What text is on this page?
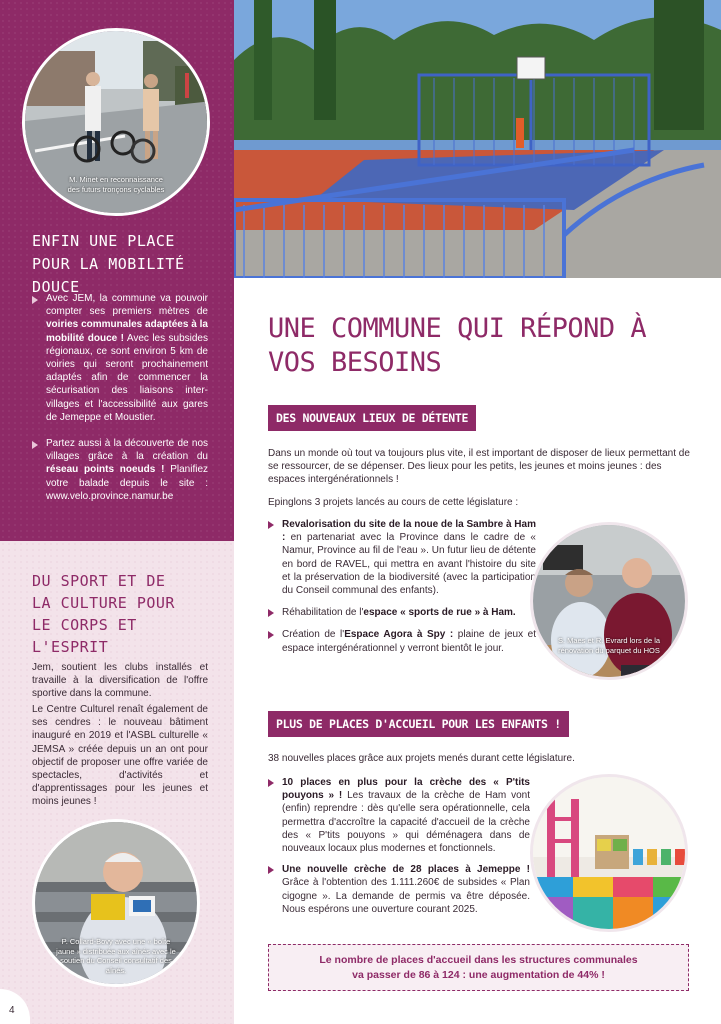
M. Minet en reconnaissance des futurs tronçons cyclables
ENFIN UNE PLACE POUR LA MOBILITÉ DOUCE
Avec JEM, la commune va pouvoir compter ses premiers mètres de voiries communales adaptées à la mobilité douce ! Avec les subsides régionaux, ce sont environ 5 km de voiries qui seront prochainement adaptés afin de commencer la sécurisation des liaisons inter-villages et l'accessibilité aux gares de Jemeppe et Moustier.
Partez aussi à la découverte de nos villages grâce à la création du réseau points noeuds ! Planifiez votre balade depuis le site : www.velo.province.namur.be
DU SPORT ET DE LA CULTURE POUR LE CORPS ET L'ESPRIT
Jem, soutient les clubs installés et travaille à la diversification de l'offre sportive dans la commune.
Le Centre Culturel renaît également de ses cendres : le nouveau bâtiment inauguré en 2019 et l'ASBL culturelle « JEMSA » créée depuis un an ont pour objectif de proposer une offre variée de spectacles, d'activités et d'apprentissages pour les jeunes et moins jeunes !
P. Collard-Bovy avec une « boîte jaune » distribuée aux aînés avec le soutien du Conseil consultatif des aînés.
4
UNE COMMUNE QUI RÉPOND À VOS BESOINS
DES NOUVEAUX LIEUX DE DÉTENTE
Dans un monde où tout va toujours plus vite, il est important de disposer de lieux permettant de se ressourcer, de se dépenser. Des lieux pour les petits, les jeunes et moins jeunes : des espaces intergénérationnels !
Epinglons 3 projets lancés au cours de cette législature :
Revalorisation du site de la noue de la Sambre à Ham : en partenariat avec la Province dans le cadre de « Namur, Province au fil de l'eau ». Un futur lieu de détente en bord de RAVEL, qui mettra en avant l'histoire du site et la préservation de la biodiversité (avec la participation du Conseil communal des enfants).
Réhabilitation de l'espace « sports de rue » à Ham.
Création de l'Espace Agora à Spy : plaine de jeux et espace intergénérationnel y verront bientôt le jour.
S. Maes et R. Evrard lors de la rénovation du parquet du HOS
PLUS DE PLACES D'ACCUEIL POUR LES ENFANTS !
38 nouvelles places grâce aux projets menés durant cette législature.
10 places en plus pour la crèche des « P'tits pouyons » ! Les travaux de la crèche de Ham vont (enfin) reprendre : dès qu'elle sera opérationnelle, cela permettra d'accroître la capacité d'accueil de la crèche des « P'tits pouyons » qui déménagera dans de nouveaux locaux plus modernes et fonctionnels.
Une nouvelle crèche de 28 places à Jemeppe ! Grâce à l'obtention des 1.111.260€ de subsides « Plan cigogne ». La demande de permis va être déposée. Nous espérons une ouverture courant 2025.
Le nombre de places d'accueil dans les structures communales
va passer de 86 à 124 : une augmentation de 44% !
